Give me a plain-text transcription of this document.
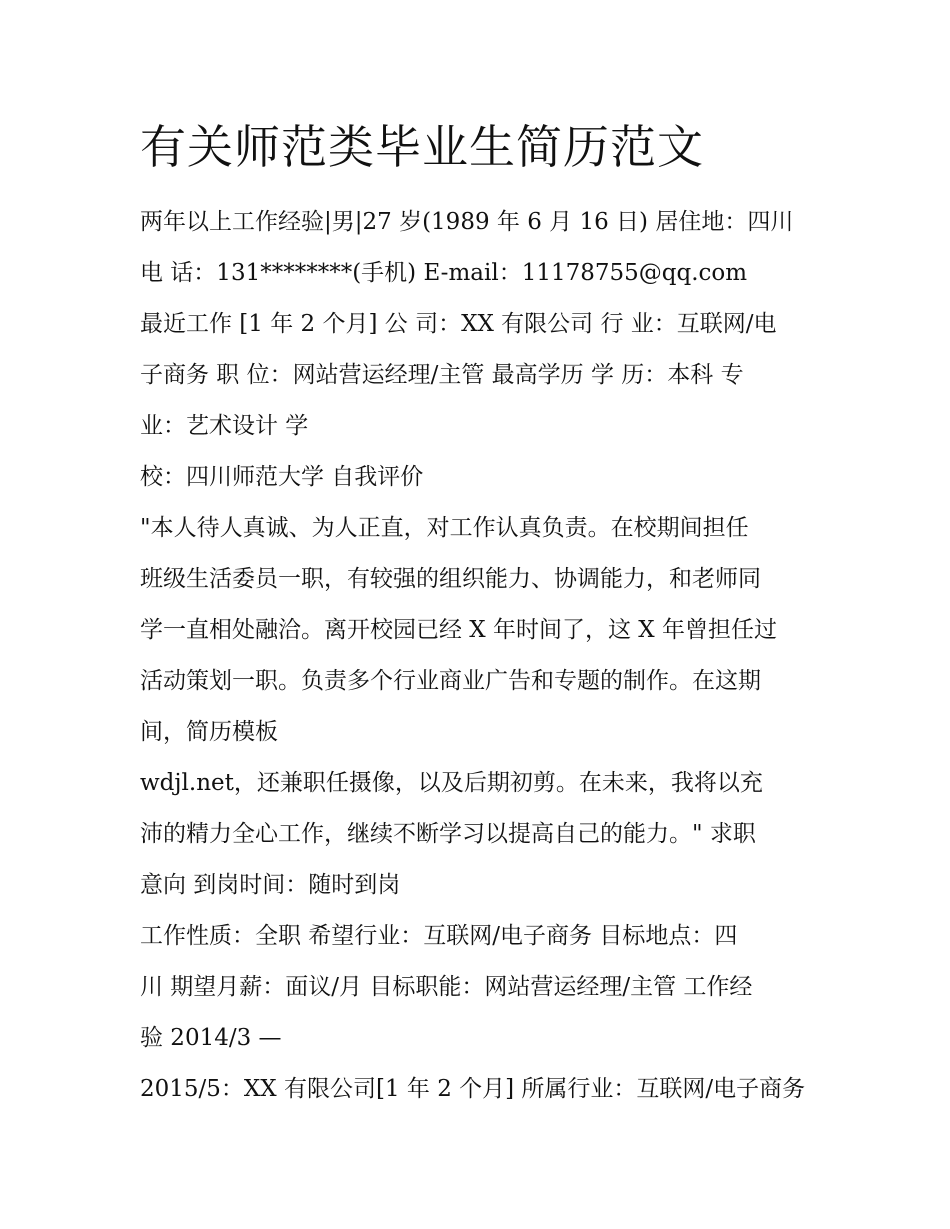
有关师范类毕业生简历范文
两年以上工作经验|男|27 岁(1989 年 6 月 16 日) 居住地：四川
电 话：131********(手机) E-mail：11178755@qq.com
最近工作 [1 年 2 个月] 公 司：XX 有限公司 行 业：互联网/电
子商务 职 位：网站营运经理/主管 最高学历 学 历：本科 专
业：艺术设计 学
校：四川师范大学 自我评价
"本人待人真诚、为人正直，对工作认真负责。在校期间担任
班级生活委员一职，有较强的组织能力、协调能力，和老师同
学一直相处融洽。离开校园已经 X 年时间了，这 X 年曾担任过
活动策划一职。负责多个行业商业广告和专题的制作。在这期
间，简历模板
wdjl.net，还兼职任摄像，以及后期初剪。在未来，我将以充
沛的精力全心工作，继续不断学习以提高自己的能力。" 求职
意向 到岗时间：随时到岗
工作性质：全职 希望行业：互联网/电子商务 目标地点：四
川 期望月薪：面议/月 目标职能：网站营运经理/主管 工作经
验 2014/3 —
2015/5：XX 有限公司[1 年 2 个月] 所属行业：互联网/电子商务
